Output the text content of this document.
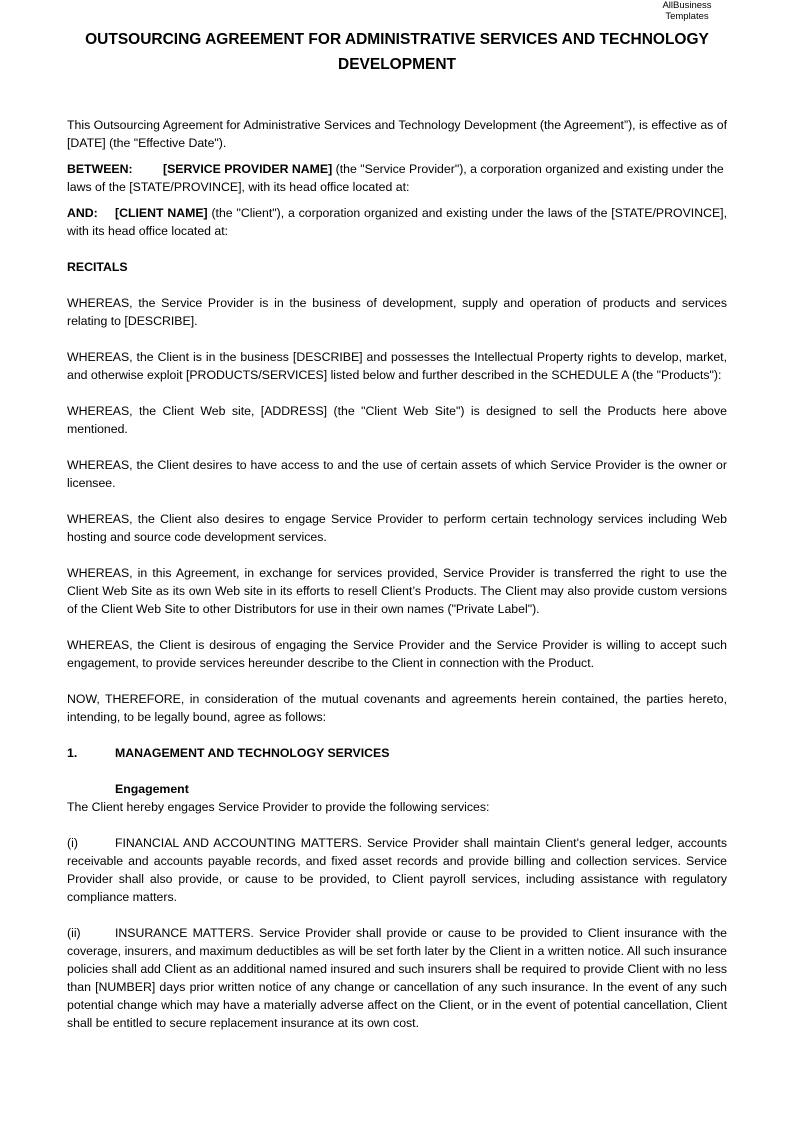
AllBusiness
Templates
OUTSOURCING AGREEMENT FOR ADMINISTRATIVE SERVICES AND TECHNOLOGY DEVELOPMENT

This Outsourcing Agreement for Administrative Services and Technology Development (the Agreement”), is effective as of [DATE] (the "Effective Date").

BETWEEN: [SERVICE PROVIDER NAME] (the "Service Provider"), a corporation organized and existing under the laws of the [STATE/PROVINCE], with its head office located at:

AND: [CLIENT NAME] (the "Client"), a corporation organized and existing under the laws of the [STATE/PROVINCE], with its head office located at:

RECITALS

WHEREAS, the Service Provider is in the business of development, supply and operation of products and services relating to [DESCRIBE].

WHEREAS, the Client is in the business [DESCRIBE] and possesses the Intellectual Property rights to develop, market, and otherwise exploit [PRODUCTS/SERVICES] listed below and further described in the SCHEDULE A (the "Products"):

WHEREAS, the Client Web site, [ADDRESS] (the "Client Web Site") is designed to sell the Products here above mentioned.

WHEREAS, the Client desires to have access to and the use of certain assets of which Service Provider is the owner or licensee.

WHEREAS, the Client also desires to engage Service Provider to perform certain technology services including Web hosting and source code development services.

WHEREAS, in this Agreement, in exchange for services provided, Service Provider is transferred the right to use the Client Web Site as its own Web site in its efforts to resell Client’s Products. The Client may also provide custom versions of the Client Web Site to other Distributors for use in their own names ("Private Label").

WHEREAS, the Client is desirous of engaging the Service Provider and the Service Provider is willing to accept such engagement, to provide services hereunder describe to the Client in connection with the Product.

NOW, THEREFORE, in consideration of the mutual covenants and agreements herein contained, the parties hereto, intending, to be legally bound, agree as follows:

1.	MANAGEMENT AND TECHNOLOGY SERVICES

Engagement

The Client hereby engages Service Provider to provide the following services:

(i)	FINANCIAL AND ACCOUNTING MATTERS. Service Provider shall maintain Client's general ledger, accounts receivable and accounts payable records, and fixed asset records and provide billing and collection services. Service Provider shall also provide, or cause to be provided, to Client payroll services, including assistance with regulatory compliance matters.

(ii)	INSURANCE MATTERS. Service Provider shall provide or cause to be provided to Client insurance with the coverage, insurers, and maximum deductibles as will be set forth later by the Client in a written notice. All such insurance policies shall add Client as an additional named insured and such insurers shall be required to provide Client with no less than [NUMBER] days prior written notice of any change or cancellation of any such insurance. In the event of any such potential change which may have a materially adverse affect on the Client, or in the event of potential cancellation, Client shall be entitled to secure replacement insurance at its own cost.
